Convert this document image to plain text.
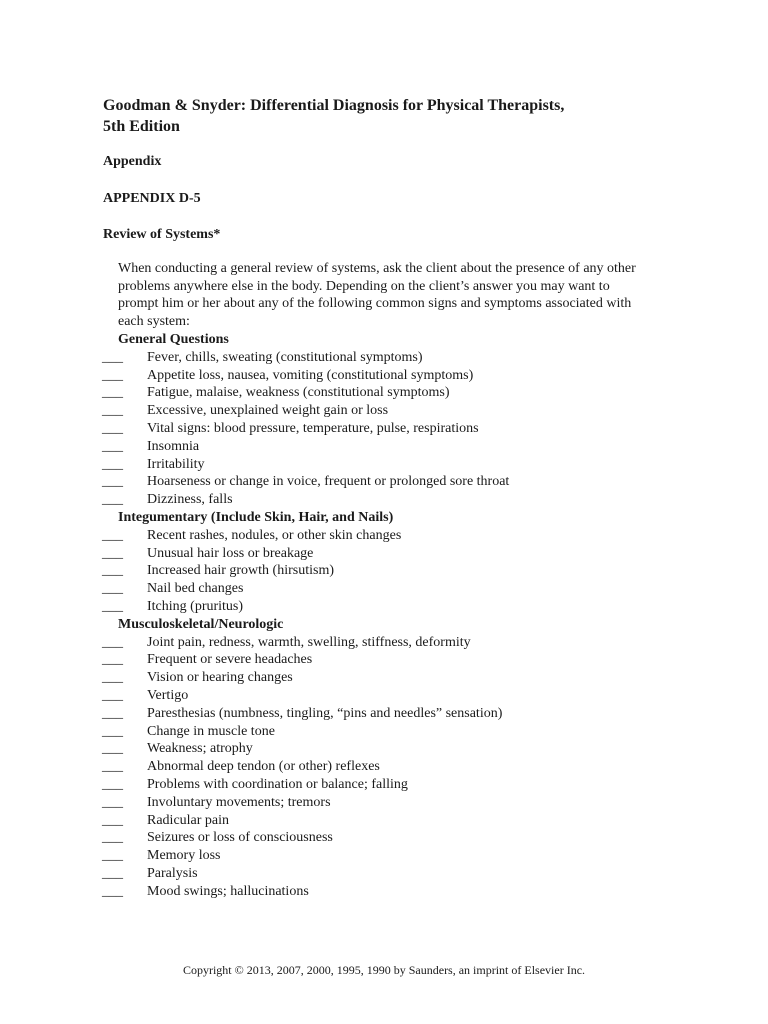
Goodman & Snyder: Differential Diagnosis for Physical Therapists,
5th Edition
Appendix
APPENDIX D-5
Review of Systems*

When conducting a general review of systems, ask the client about the presence of any other problems anywhere else in the body. Depending on the client’s answer you may want to prompt him or her about any of the following common signs and symptoms associated with each system:

General Questions
___	Fever, chills, sweating (constitutional symptoms)
___	Appetite loss, nausea, vomiting (constitutional symptoms)
___	Fatigue, malaise, weakness (constitutional symptoms)
___	Excessive, unexplained weight gain or loss
___	Vital signs: blood pressure, temperature, pulse, respirations
___	Insomnia
___	Irritability
___	Hoarseness or change in voice, frequent or prolonged sore throat
___	Dizziness, falls
Integumentary (Include Skin, Hair, and Nails)
___	Recent rashes, nodules, or other skin changes
___	Unusual hair loss or breakage
___	Increased hair growth (hirsutism)
___	Nail bed changes
___	Itching (pruritus)
Musculoskeletal/Neurologic
___	Joint pain, redness, warmth, swelling, stiffness, deformity
___	Frequent or severe headaches
___	Vision or hearing changes
___	Vertigo
___	Paresthesias (numbness, tingling, “pins and needles” sensation)
___	Change in muscle tone
___	Weakness; atrophy
___	Abnormal deep tendon (or other) reflexes
___	Problems with coordination or balance; falling
___	Involuntary movements; tremors
___	Radicular pain
___	Seizures or loss of consciousness
___	Memory loss
___	Paralysis
___	Mood swings; hallucinations
Copyright © 2013, 2007, 2000, 1995, 1990 by Saunders, an imprint of Elsevier Inc.
